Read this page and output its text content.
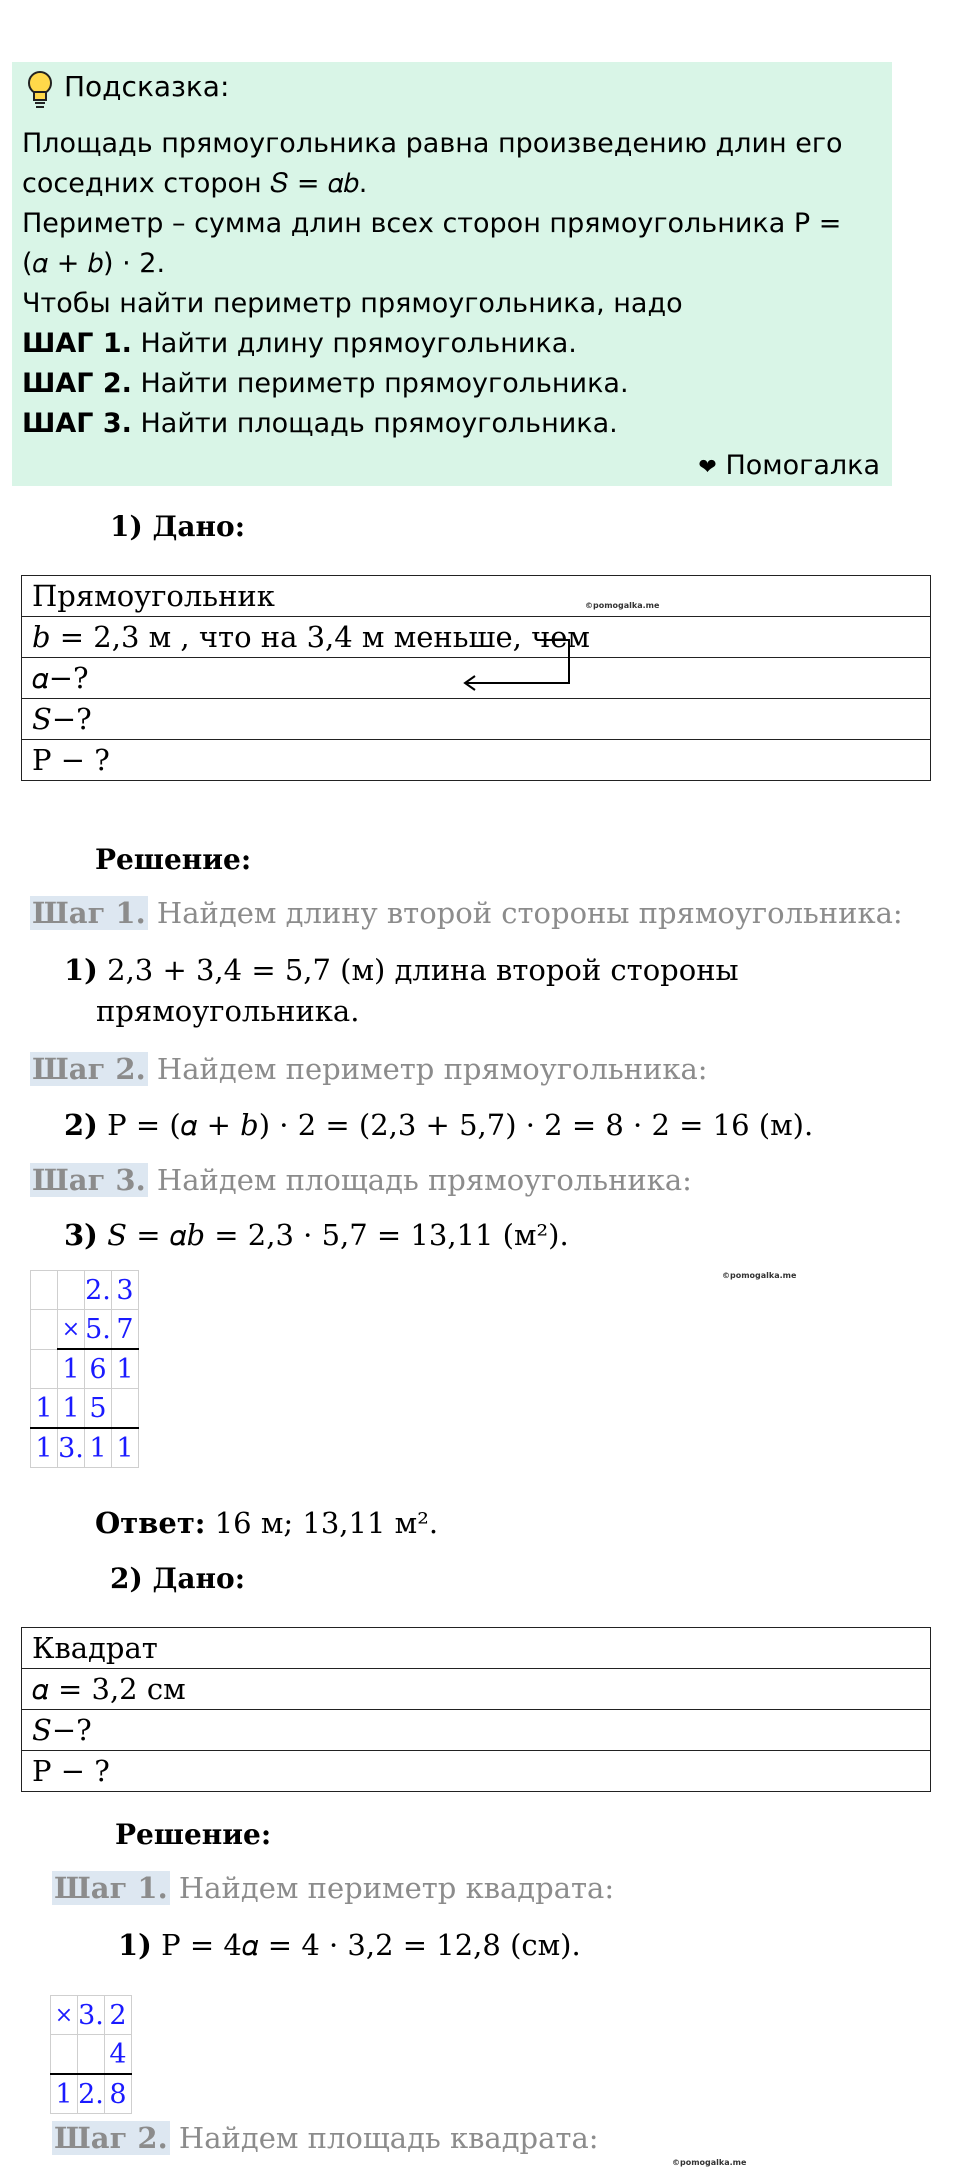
Подсказка:
Площадь прямоугольника равна произведению длин его
соседних сторон 𝑆 = 𝛼𝑏.
Периметр – сумма длин всех сторон прямоугольника Р =
(𝛼 + 𝑏) · 2.
Чтобы найти периметр прямоугольника, надо
ШАГ 1. Найти длину прямоугольника.
ШАГ 2. Найти периметр прямоугольника.
ШАГ 3. Найти площадь прямоугольника.
❤ Помогалка
1) Дано:
Прямоугольник
𝑏 = 2,3 м , что на 3,4 м меньше, чем
𝛼−?
𝑆−?
Р − ?
©pomogalka.me
Решение:
Шаг 1. Найдем длину второй стороны прямоугольника:
1) 2,3 + 3,4 = 5,7 (м) длина второй стороны
прямоугольника.
Шаг 2. Найдем периметр прямоугольника:
2) Р = (𝛼 + 𝑏) · 2 = (2,3 + 5,7) · 2 = 8 · 2 = 16 (м).
Шаг 3. Найдем площадь прямоугольника:
3) 𝑆 = 𝛼𝑏 = 2,3 · 5,7 = 13,11 (м²).
©pomogalka.me
		2.	3
	×	5.	7
	1	6	1
1	1	5	
1	3.	1	1
Ответ: 16 м; 13,11 м².
2) Дано:
Квадрат
𝛼 = 3,2 см
𝑆−?
Р − ?
Решение:
Шаг 1. Найдем периметр квадрата:
1) Р = 4𝛼 = 4 · 3,2 = 12,8 (см).
×	3.	2
		4
1	2.	8
Шаг 2. Найдем площадь квадрата:
©pomogalka.me
